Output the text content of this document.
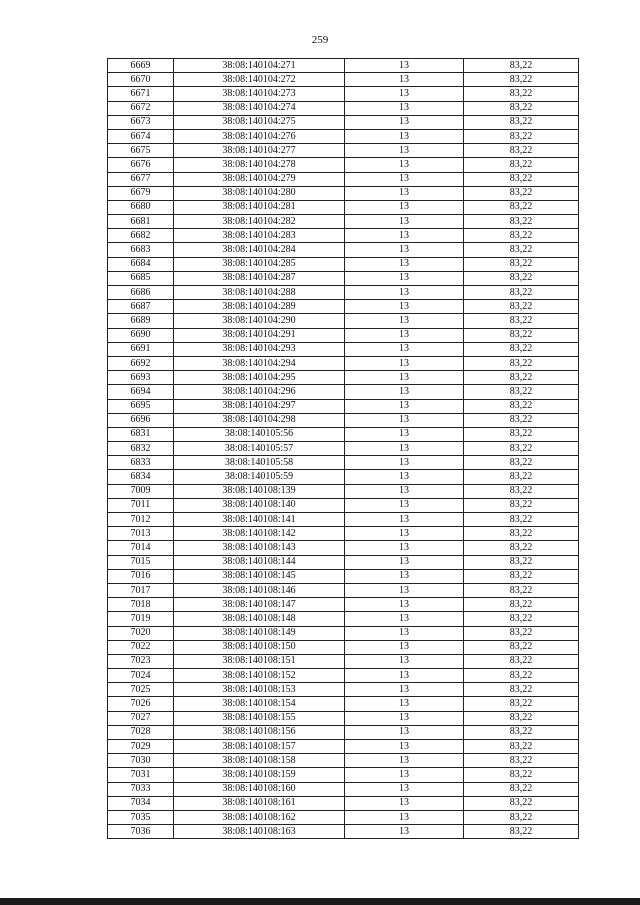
259
6669	38:08:140104:271	13	83,22
6670	38:08:140104:272	13	83,22
6671	38:08:140104:273	13	83,22
6672	38:08:140104:274	13	83,22
6673	38:08:140104:275	13	83,22
6674	38:08:140104:276	13	83,22
6675	38:08:140104:277	13	83,22
6676	38:08:140104:278	13	83,22
6677	38:08:140104:279	13	83,22
6679	38:08:140104:280	13	83,22
6680	38:08:140104:281	13	83,22
6681	38:08:140104:282	13	83,22
6682	38:08:140104:283	13	83,22
6683	38:08:140104:284	13	83,22
6684	38:08:140104:285	13	83,22
6685	38:08:140104:287	13	83,22
6686	38:08:140104:288	13	83,22
6687	38:08:140104:289	13	83,22
6689	38:08:140104:290	13	83,22
6690	38:08:140104:291	13	83,22
6691	38:08:140104:293	13	83,22
6692	38:08:140104:294	13	83,22
6693	38:08:140104:295	13	83,22
6694	38:08:140104:296	13	83,22
6695	38:08:140104:297	13	83,22
6696	38:08:140104:298	13	83,22
6831	38:08:140105:56	13	83,22
6832	38:08:140105:57	13	83,22
6833	38:08:140105:58	13	83,22
6834	38:08:140105:59	13	83,22
7009	38:08:140108:139	13	83,22
7011	38:08:140108:140	13	83,22
7012	38:08:140108:141	13	83,22
7013	38:08:140108:142	13	83,22
7014	38:08:140108:143	13	83,22
7015	38:08:140108:144	13	83,22
7016	38:08:140108:145	13	83,22
7017	38:08:140108:146	13	83,22
7018	38:08:140108:147	13	83,22
7019	38:08:140108:148	13	83,22
7020	38:08:140108:149	13	83,22
7022	38:08:140108:150	13	83,22
7023	38:08:140108:151	13	83,22
7024	38:08:140108:152	13	83,22
7025	38:08:140108:153	13	83,22
7026	38:08:140108:154	13	83,22
7027	38:08:140108:155	13	83,22
7028	38:08:140108:156	13	83,22
7029	38:08:140108:157	13	83,22
7030	38:08:140108:158	13	83,22
7031	38:08:140108:159	13	83,22
7033	38:08:140108:160	13	83,22
7034	38:08:140108:161	13	83,22
7035	38:08:140108:162	13	83,22
7036	38:08:140108:163	13	83,22
